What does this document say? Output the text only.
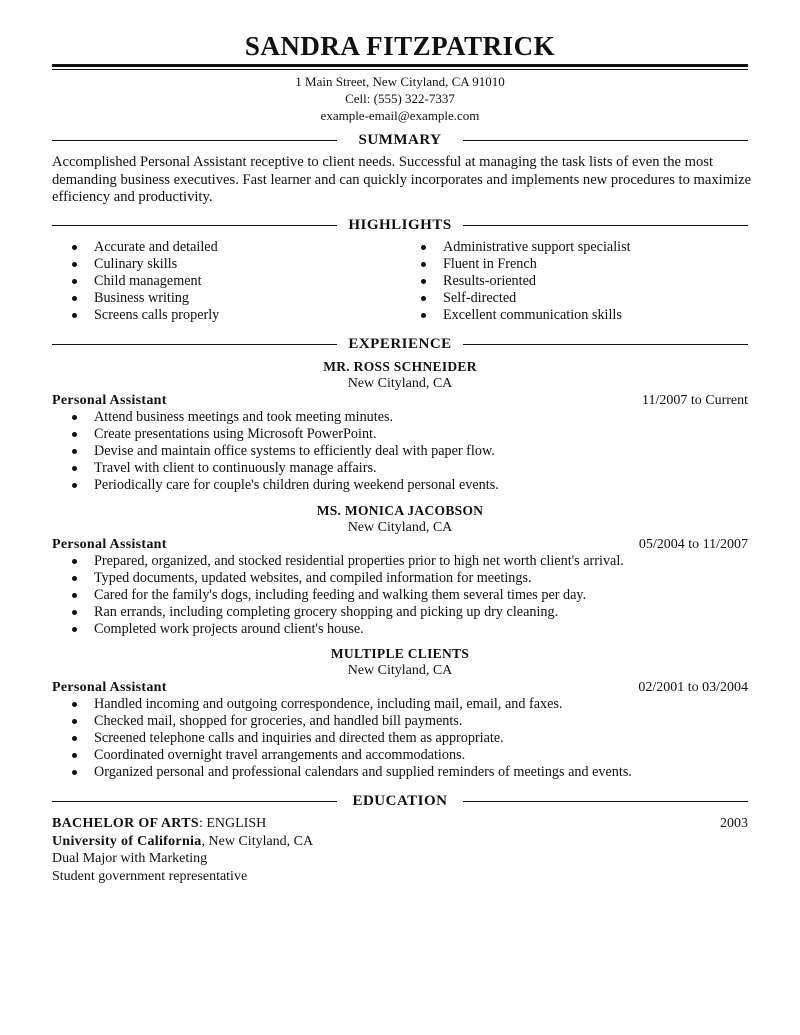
SANDRA FITZPATRICK
1 Main Street, New Cityland, CA 91010
Cell: (555) 322-7337
example-email@example.com
SUMMARY
Accomplished Personal Assistant receptive to client needs. Successful at managing the task lists of even the most demanding business executives. Fast learner and can quickly incorporates and implements new procedures to maximize efficiency and productivity.
HIGHLIGHTS
Accurate and detailed
Culinary skills
Child management
Business writing
Screens calls properly
Administrative support specialist
Fluent in French
Results-oriented
Self-directed
Excellent communication skills
EXPERIENCE
MR. ROSS SCHNEIDER
New Cityland, CA
Personal Assistant	11/2007 to Current
Attend business meetings and took meeting minutes.
Create presentations using Microsoft PowerPoint.
Devise and maintain office systems to efficiently deal with paper flow.
Travel with client to continuously manage affairs.
Periodically care for couple's children during weekend personal events.
MS. MONICA JACOBSON
New Cityland, CA
Personal Assistant	05/2004 to 11/2007
Prepared, organized, and stocked residential properties prior to high net worth client's arrival.
Typed documents, updated websites, and compiled information for meetings.
Cared for the family's dogs, including feeding and walking them several times per day.
Ran errands, including completing grocery shopping and picking up dry cleaning.
Completed work projects around client's house.
MULTIPLE CLIENTS
New Cityland, CA
Personal Assistant	02/2001 to 03/2004
Handled incoming and outgoing correspondence, including mail, email, and faxes.
Checked mail, shopped for groceries, and handled bill payments.
Screened telephone calls and inquiries and directed them as appropriate.
Coordinated overnight travel arrangements and accommodations.
Organized personal and professional calendars and supplied reminders of meetings and events.
EDUCATION
BACHELOR OF ARTS: ENGLISH	2003
University of California, New Cityland, CA
Dual Major with Marketing
Student government representative
